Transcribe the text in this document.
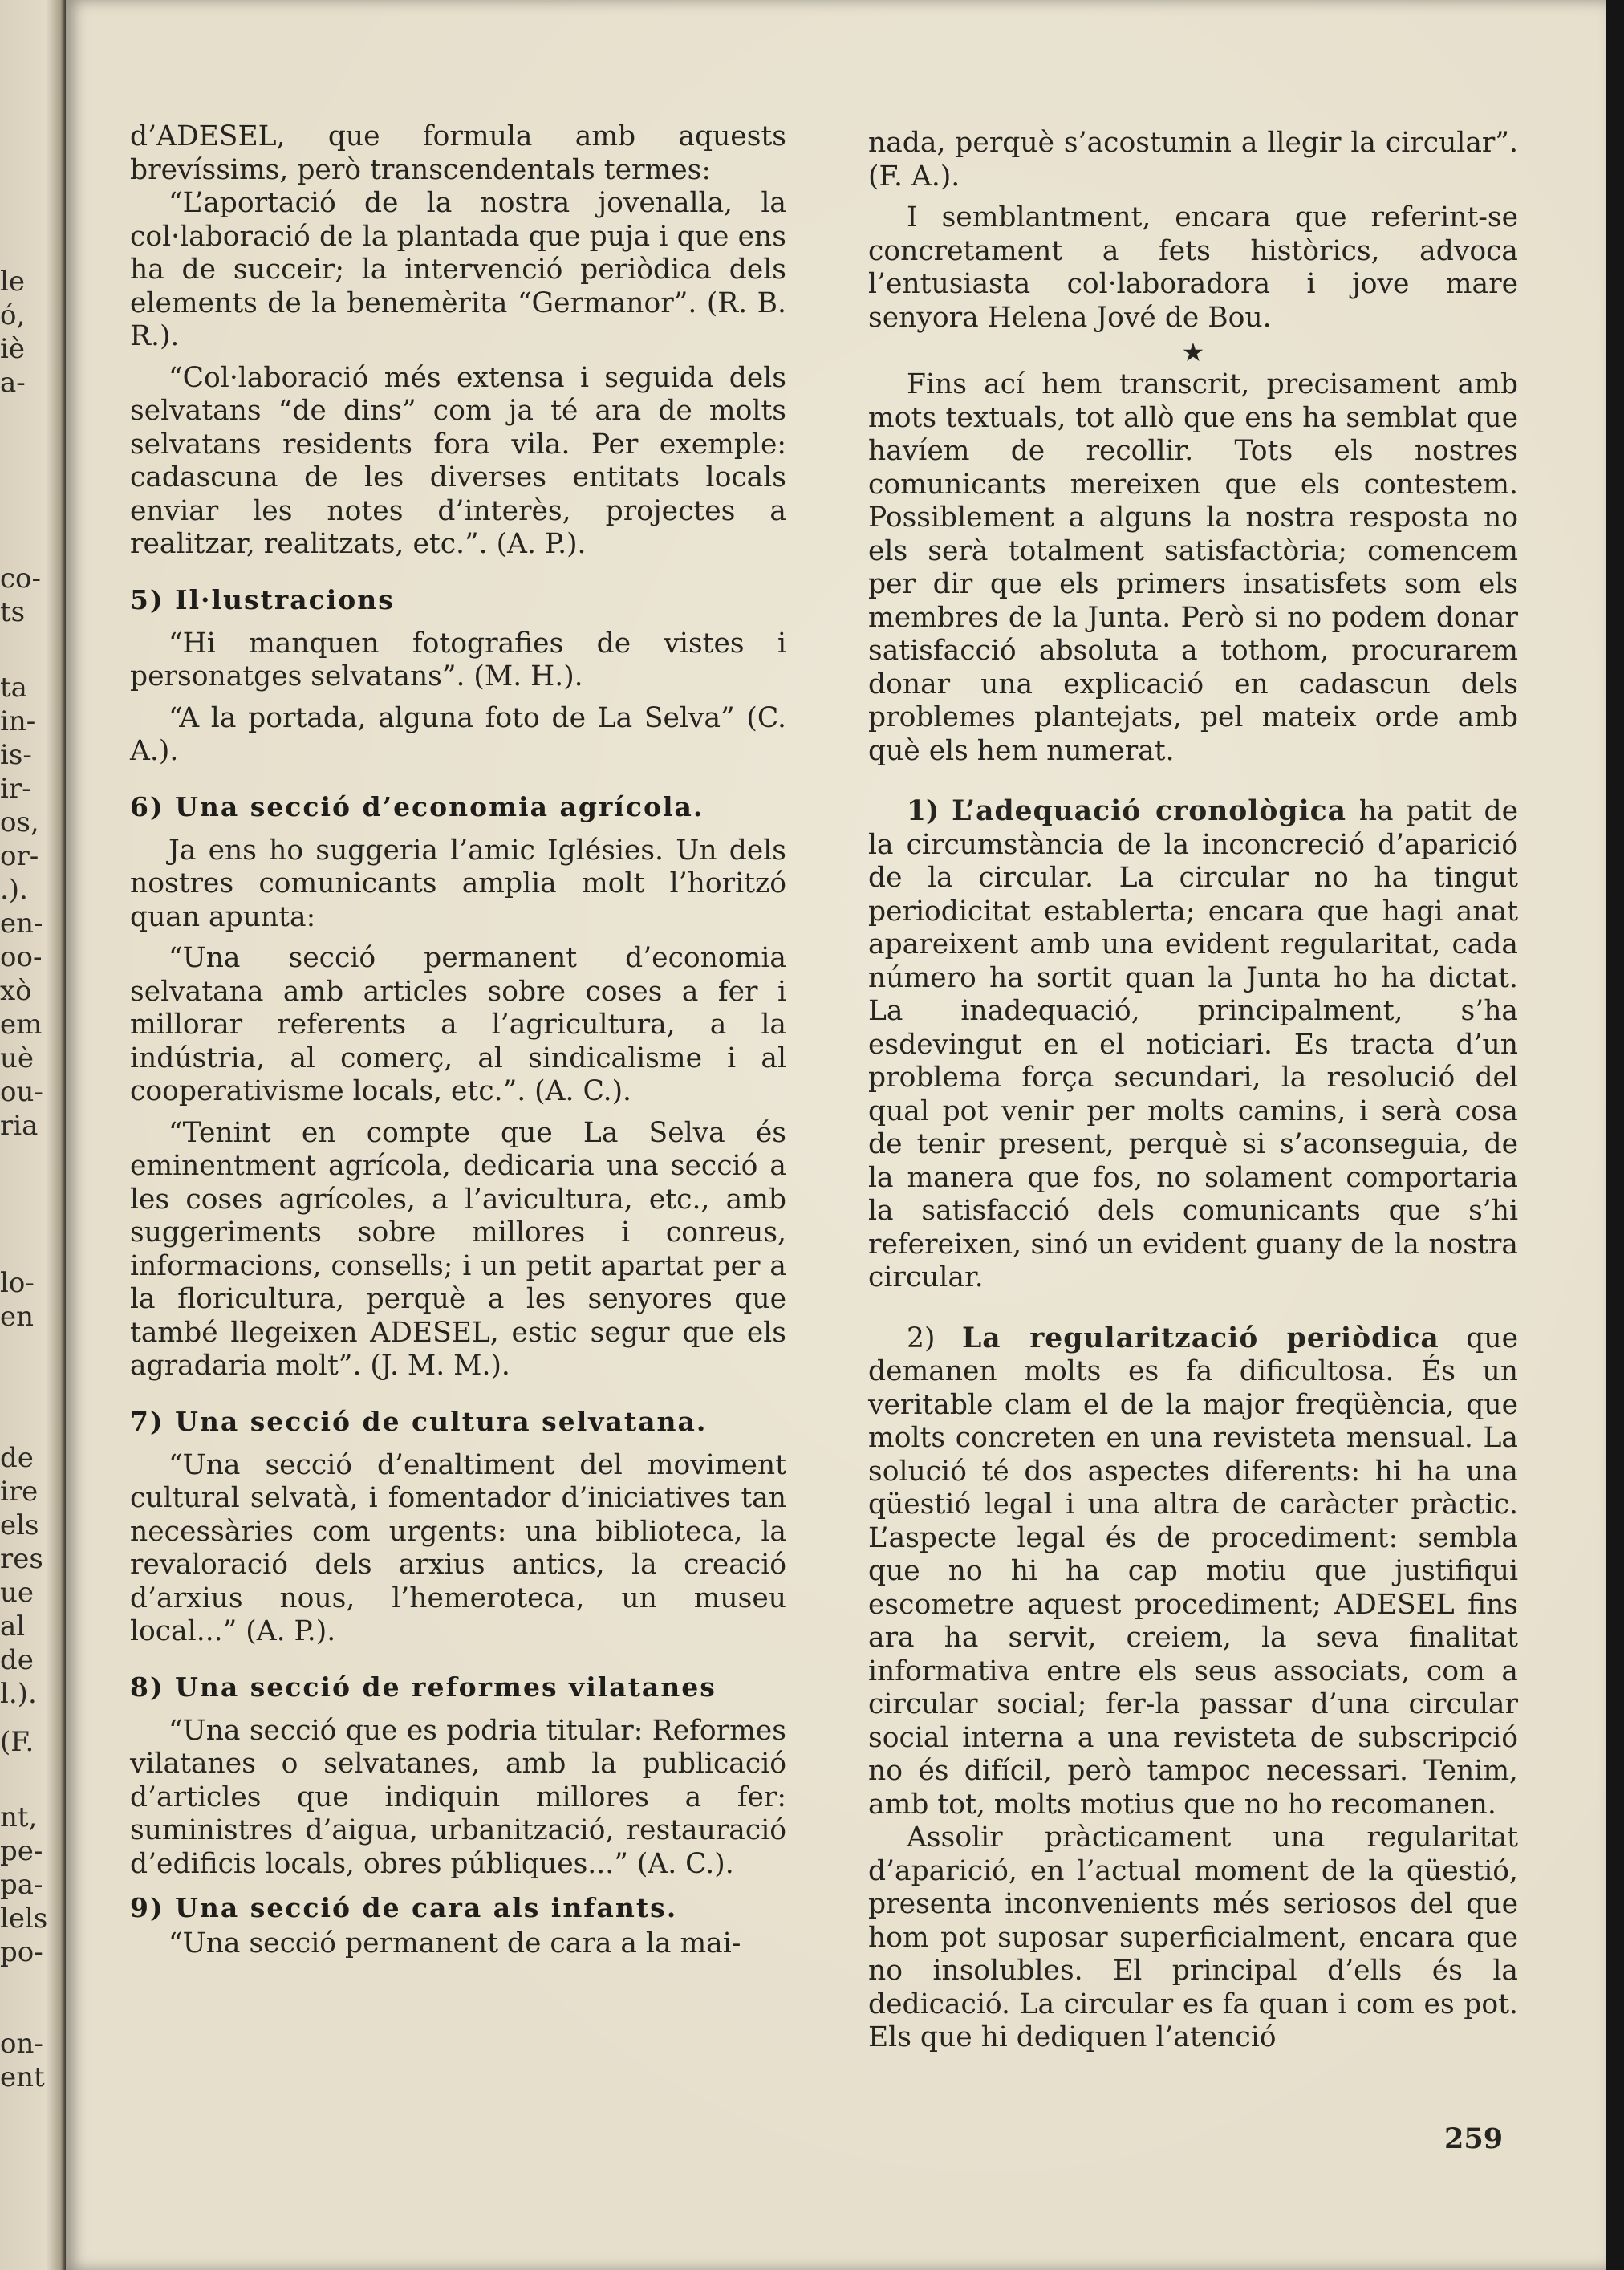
le
ó,
iè
a-
co-
ts
ta
in-
is-
ir-
os,
or-
.).
en-
oo-
xò
em
uè
ou-
ria
lo-
en
de
ire
els
res
ue
al
de
l.).
(F.
nt,
pe-
pa-
lels
po-
on-
ent

d’ADESEL, que formula amb aquests brevíssims, però transcendentals termes:

“L’aportació de la nostra jovenalla, la col·laboració de la plantada que puja i que ens ha de succeir; la intervenció periòdica dels elements de la benemèrita “Germanor”. (R. B. R.).

“Col·laboració més extensa i seguida dels selvatans “de dins” com ja té ara de molts selvatans residents fora vila. Per exemple: cadascuna de les diverses entitats locals enviar les notes d’interès, projectes a realitzar, realitzats, etc.”. (A. P.).

5) Il·lustracions

“Hi manquen fotografies de vistes i personatges selvatans”. (M. H.).

“A la portada, alguna foto de La Selva” (C. A.).

6) Una secció d’economia agrícola.

Ja ens ho suggeria l’amic Iglésies. Un dels nostres comunicants amplia molt l’horitzó quan apunta:

“Una secció permanent d’economia selvatana amb articles sobre coses a fer i millorar referents a l’agricultura, a la indústria, al comerç, al sindicalisme i al cooperativisme locals, etc.”. (A. C.).

“Tenint en compte que La Selva és eminentment agrícola, dedicaria una secció a les coses agrícoles, a l’avicultura, etc., amb suggeriments sobre millores i conreus, informacions, consells; i un petit apartat per a la floricultura, perquè a les senyores que també llegeixen ADESEL, estic segur que els agradaria molt”. (J. M. M.).

7) Una secció de cultura selvatana.

“Una secció d’enaltiment del moviment cultural selvatà, i fomentador d’iniciatives tan necessàries com urgents: una biblioteca, la revaloració dels arxius antics, la creació d’arxius nous, l’hemeroteca, un museu local...” (A. P.).

8) Una secció de reformes vilatanes

“Una secció que es podria titular: Reformes vilatanes o selvatanes, amb la publicació d’articles que indiquin millores a fer: suministres d’aigua, urbanització, restauració d’edificis locals, obres públiques...” (A. C.).

9) Una secció de cara als infants.

“Una secció permanent de cara a la mai-

nada, perquè s’acostumin a llegir la circular”. (F. A.).

I semblantment, encara que referint-se concretament a fets històrics, advoca l’entusiasta col·laboradora i jove mare senyora Helena Jové de Bou.

★

Fins ací hem transcrit, precisament amb mots textuals, tot allò que ens ha semblat que havíem de recollir. Tots els nostres comunicants mereixen que els contestem. Possiblement a alguns la nostra resposta no els serà totalment satisfactòria; comencem per dir que els primers insatisfets som els membres de la Junta. Però si no podem donar satisfacció absoluta a tothom, procurarem donar una explicació en cadascun dels problemes plantejats, pel mateix orde amb què els hem numerat.

1) L’adequació cronològica ha patit de la circumstància de la inconcreció d’aparició de la circular. La circular no ha tingut periodicitat establerta; encara que hagi anat apareixent amb una evident regularitat, cada número ha sortit quan la Junta ho ha dictat. La inadequació, principalment, s’ha esdevingut en el noticiari. Es tracta d’un problema força secundari, la resolució del qual pot venir per molts camins, i serà cosa de tenir present, perquè si s’aconseguia, de la manera que fos, no solament comportaria la satisfacció dels comunicants que s’hi refereixen, sinó un evident guany de la nostra circular.

2) La regularització periòdica que demanen molts es fa dificultosa. És un veritable clam el de la major freqüència, que molts concreten en una revisteta mensual. La solució té dos aspectes diferents: hi ha una qüestió legal i una altra de caràcter pràctic. L’aspecte legal és de procediment: sembla que no hi ha cap motiu que justifiqui escometre aquest procediment; ADESEL fins ara ha servit, creiem, la seva finalitat informativa entre els seus associats, com a circular social; fer-la passar d’una circular social interna a una revisteta de subscripció no és difícil, però tampoc necessari. Tenim, amb tot, molts motius que no ho recomanen.

Assolir pràcticament una regularitat d’aparició, en l’actual moment de la qüestió, presenta inconvenients més seriosos del que hom pot suposar superficialment, encara que no insolubles. El principal d’ells és la dedicació. La circular es fa quan i com es pot. Els que hi dediquen l’atenció

259
